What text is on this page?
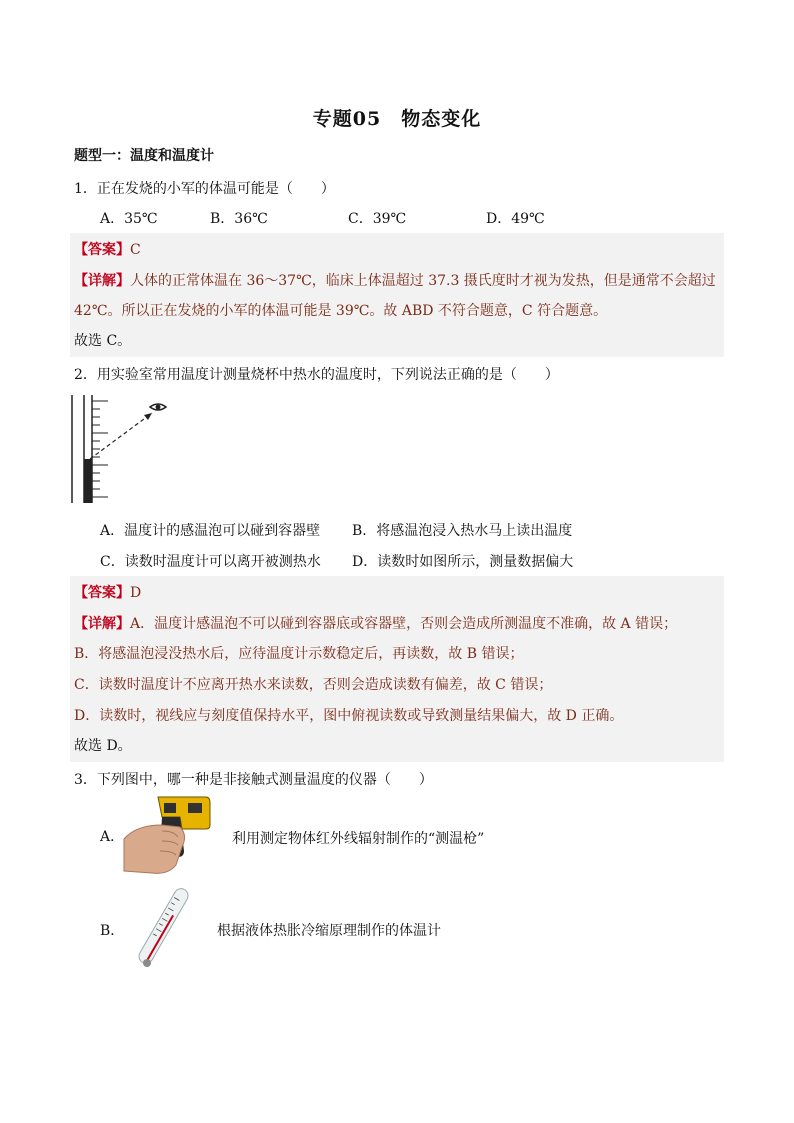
专题05　物态变化
题型一：温度和温度计
1．正在发烧的小军的体温可能是（　　）
A．35℃	B．36℃	C．39℃	D．49℃
【答案】C
【详解】人体的正常体温在 36～37℃，临床上体温超过 37.3 摄氏度时才视为发热，但是通常不会超过
42℃。所以正在发烧的小军的体温可能是 39℃。故 ABD 不符合题意，C 符合题意。
故选 C。
2．用实验室常用温度计测量烧杯中热水的温度时，下列说法正确的是（　　）
A．温度计的感温泡可以碰到容器壁 B．将感温泡浸入热水马上读出温度
C．读数时温度计可以离开被测热水 D．读数时如图所示，测量数据偏大
【答案】D
【详解】A．温度计感温泡不可以碰到容器底或容器壁，否则会造成所测温度不准确，故 A 错误；
B．将感温泡浸没热水后，应待温度计示数稳定后，再读数，故 B 错误；
C．读数时温度计不应离开热水来读数，否则会造成读数有偏差，故 C 错误；
D．读数时，视线应与刻度值保持水平，图中俯视读数或导致测量结果偏大，故 D 正确。
故选 D。
3．下列图中，哪一种是非接触式测量温度的仪器（　　）
A．	利用测定物体红外线辐射制作的“测温枪”
B．	根据液体热胀冷缩原理制作的体温计
